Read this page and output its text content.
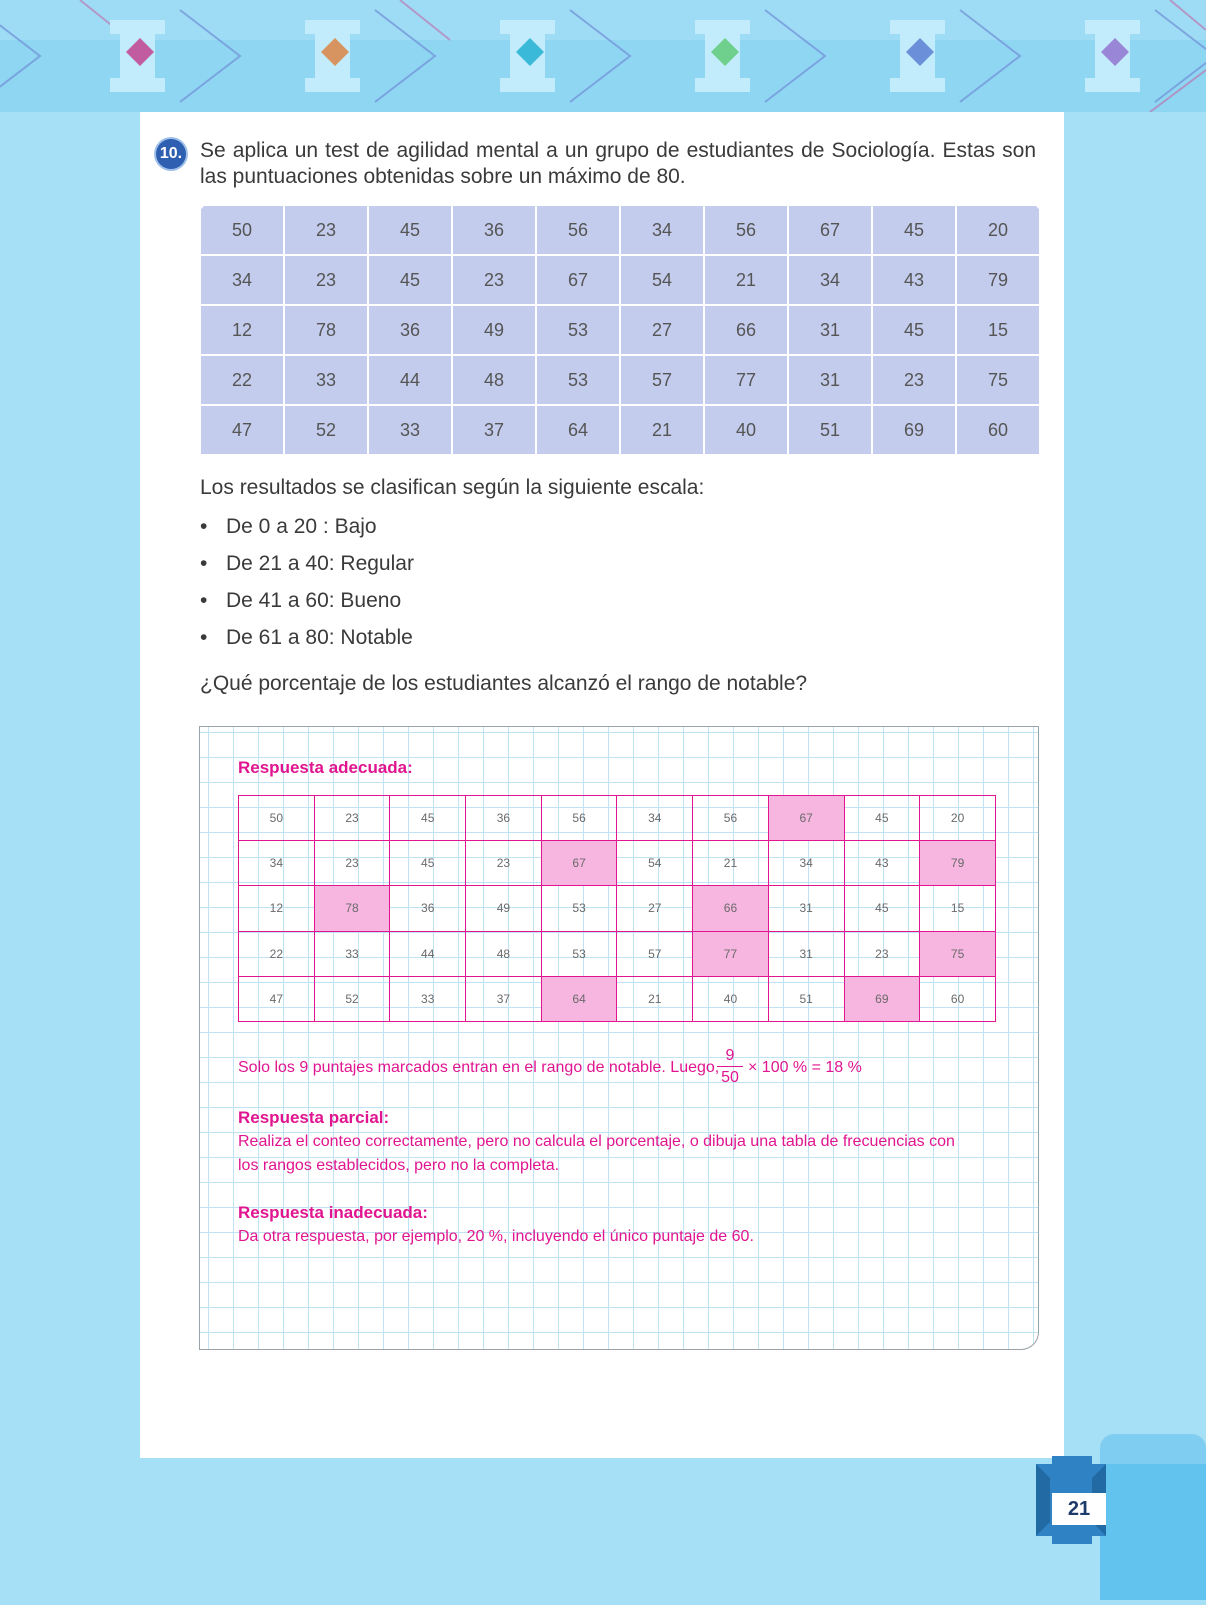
10. Se aplica un test de agilidad mental a un grupo de estudiantes de Sociología. Estas son las puntuaciones obtenidas sobre un máximo de 80.
50	23	45	36	56	34	56	67	45	20
34	23	45	23	67	54	21	34	43	79
12	78	36	49	53	27	66	31	45	15
22	33	44	48	53	57	77	31	23	75
47	52	33	37	64	21	40	51	69	60
Los resultados se clasifican según la siguiente escala:
• De 0 a 20 : Bajo
• De 21 a 40: Regular
• De 41 a 60: Bueno
• De 61 a 80: Notable
¿Qué porcentaje de los estudiantes alcanzó el rango de notable?
Respuesta adecuada:
50	23	45	36	56	34	56	67	45	20
34	23	45	23	67	54	21	34	43	79
12	78	36	49	53	27	66	31	45	15
22	33	44	48	53	57	77	31	23	75
47	52	33	37	64	21	40	51	69	60
Solo los 9 puntajes marcados entran en el rango de notable. Luego,
9
50
× 100 % = 18 %
Respuesta parcial:
Realiza el conteo correctamente, pero no calcula el porcentaje, o dibuja una tabla de frecuencias con los rangos establecidos, pero no la completa.
Respuesta inadecuada:
Da otra respuesta, por ejemplo, 20 %, incluyendo el único puntaje de 60.
21
